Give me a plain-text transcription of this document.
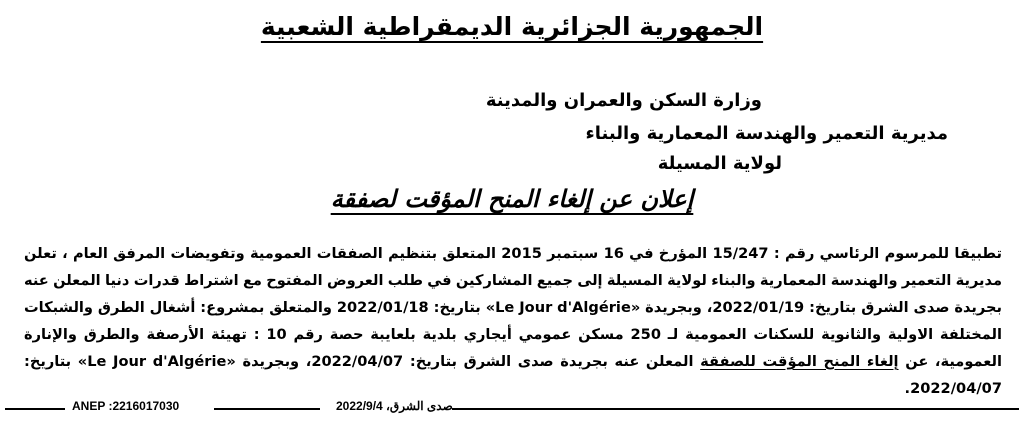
الجمهورية الجزائرية الديمقراطية الشعبية
وزارة السكن والعمران والمدينة
مديرية التعمير والهندسة المعمارية والبناء
لولاية المسيلة
إعلان عن إلغاء المنح المؤقت لصفقة
تطبيقا للمرسوم الرئاسي رقم : 15/247 المؤرخ في 16 سبتمبر 2015 المتعلق بتنظيم الصفقات العمومية وتفويضات المرفق العام ، تعلن مديرية التعمير والهندسة المعمارية والبناء لولاية المسيلة إلى جميع المشاركين في طلب العروض المفتوح مع اشتراط قدرات دنيا المعلن عنه بجريدة صدى الشرق بتاريخ: 2022/01/19، وبجريدة «Le Jour d'Algérie» بتاريخ: 2022/01/18 والمتعلق بمشروع: أشغال الطرق والشبكات المختلفة الاولية والثانوية للسكنات العمومية لـ 250 مسكن عمومي أيجاري بلدية بلعايبة حصة رقم 10 : تهيئة الأرصفة والطرق والإنارة العمومية، عن إلغاء المنح المؤقت للصفقة المعلن عنه بجريدة صدى الشرق بتاريخ: 2022/04/07، وبجريدة «Le Jour d'Algérie» بتاريخ: 2022/04/07.
ANEP :2216017030	صدى الشرق، 2022/9/4
